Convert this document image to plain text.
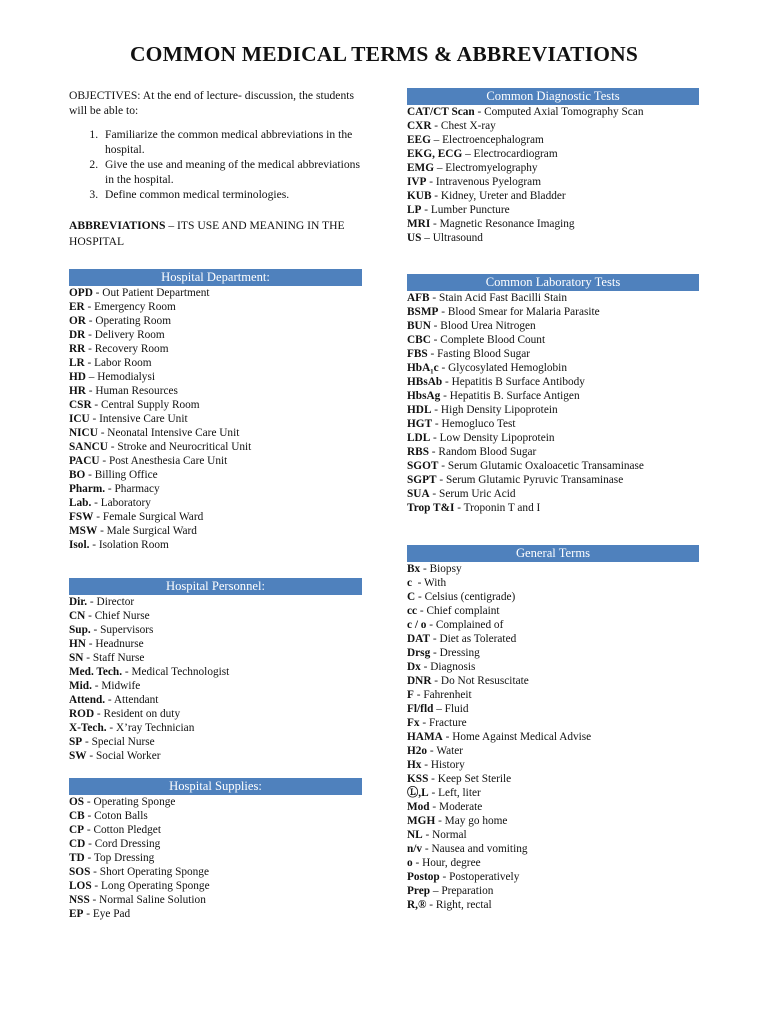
COMMON MEDICAL TERMS & ABBREVIATIONS

OBJECTIVES: At the end of lecture- discussion, the students will be able to:

1. Familiarize the common medical abbreviations in the hospital.
2. Give the use and meaning of the medical abbreviations in the hospital.
3. Define common medical terminologies.

ABBREVIATIONS – ITS USE AND MEANING IN THE HOSPITAL

Hospital Department:
OPD - Out Patient Department
ER - Emergency Room
OR - Operating Room
DR - Delivery Room
RR - Recovery Room
LR - Labor Room
HD – Hemodialysi
HR - Human Resources
CSR - Central Supply Room
ICU - Intensive Care Unit
NICU - Neonatal Intensive Care Unit
SANCU - Stroke and Neurocritical Unit
PACU - Post Anesthesia Care Unit
BO - Billing Office
Pharm. - Pharmacy
Lab. - Laboratory
FSW - Female Surgical Ward
MSW - Male Surgical Ward
Isol. - Isolation Room
Hospital Personnel:
Dir. - Director
CN - Chief Nurse
Sup. - Supervisors
HN - Headnurse
SN - Staff Nurse
Med. Tech. - Medical Technologist
Mid. - Midwife
Attend. - Attendant
ROD - Resident on duty
X-Tech. - X’ray Technician
SP - Special Nurse
SW - Social Worker
Hospital Supplies:
OS - Operating Sponge
CB - Coton Balls
CP - Cotton Pledget
CD - Cord Dressing
TD - Top Dressing
SOS - Short Operating Sponge
LOS - Long Operating Sponge
NSS - Normal Saline Solution
EP - Eye Pad
Common Diagnostic Tests
CAT/CT Scan - Computed Axial Tomography Scan
CXR - Chest X-ray
EEG – Electroencephalogram
EKG, ECG – Electrocardiogram
EMG – Electromyelography
IVP - Intravenous Pyelogram
KUB - Kidney, Ureter and Bladder
LP - Lumber Puncture
MRI - Magnetic Resonance Imaging
US – Ultrasound
Common Laboratory Tests
AFB - Stain Acid Fast Bacilli Stain
BSMP - Blood Smear for Malaria Parasite
BUN - Blood Urea Nitrogen
CBC - Complete Blood Count
FBS - Fasting Blood Sugar
HbA₁c - Glycosylated Hemoglobin
HBsAb - Hepatitis B Surface Antibody
HbsAg - Hepatitis B. Surface Antigen
HDL - High Density Lipoprotein
HGT - Hemogluco Test
LDL - Low Density Lipoprotein
RBS - Random Blood Sugar
SGOT - Serum Glutamic Oxaloacetic Transaminase
SGPT - Serum Glutamic Pyruvic Transaminase
SUA - Serum Uric Acid
Trop T&I - Troponin T and I
General Terms
Bx - Biopsy
c  - With
C - Celsius (centigrade)
cc - Chief complaint
c / o - Complained of
DAT - Diet as Tolerated
Drsg - Dressing
Dx - Diagnosis
DNR - Do Not Resuscitate
F - Fahrenheit
Fl/fld – Fluid
Fx - Fracture
HAMA - Home Against Medical Advise
H2o - Water
Hx - History
KSS - Keep Set Sterile
Ⓛ,L - Left, liter
Mod - Moderate
MGH - May go home
NL - Normal
n/v - Nausea and vomiting
o - Hour, degree
Postop - Postoperatively
Prep – Preparation
R,® - Right, rectal
